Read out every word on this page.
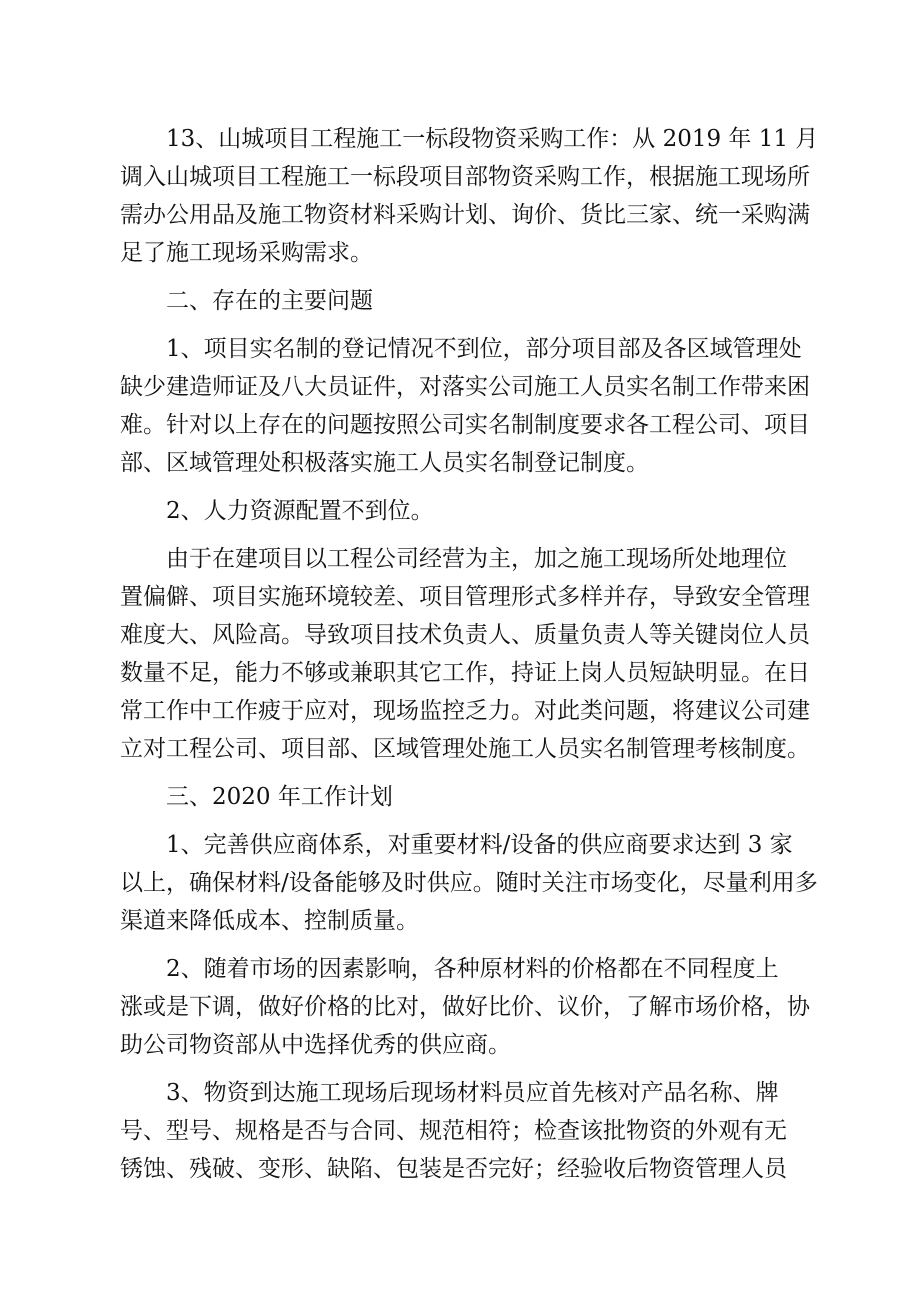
13、山城项目工程施工一标段物资采购工作：从 2019 年 11 月
调入山城项目工程施工一标段项目部物资采购工作，根据施工现场所
需办公用品及施工物资材料采购计划、询价、货比三家、统一采购满
足了施工现场采购需求。
二、存在的主要问题
1、项目实名制的登记情况不到位，部分项目部及各区域管理处
缺少建造师证及八大员证件，对落实公司施工人员实名制工作带来困
难。针对以上存在的问题按照公司实名制制度要求各工程公司、项目
部、区域管理处积极落实施工人员实名制登记制度。
2、人力资源配置不到位。
由于在建项目以工程公司经营为主，加之施工现场所处地理位
置偏僻、项目实施环境较差、项目管理形式多样并存，导致安全管理
难度大、风险高。导致项目技术负责人、质量负责人等关键岗位人员
数量不足，能力不够或兼职其它工作，持证上岗人员短缺明显。在日
常工作中工作疲于应对，现场监控乏力。对此类问题，将建议公司建
立对工程公司、项目部、区域管理处施工人员实名制管理考核制度。
三、2020 年工作计划
1、完善供应商体系，对重要材料/设备的供应商要求达到 3 家
以上，确保材料/设备能够及时供应。随时关注市场变化，尽量利用多
渠道来降低成本、控制质量。
2、随着市场的因素影响，各种原材料的价格都在不同程度上
涨或是下调，做好价格的比对，做好比价、议价，了解市场价格，协
助公司物资部从中选择优秀的供应商。
3、物资到达施工现场后现场材料员应首先核对产品名称、牌
号、型号、规格是否与合同、规范相符；检查该批物资的外观有无
锈蚀、残破、变形、缺陷、包装是否完好；经验收后物资管理人员
